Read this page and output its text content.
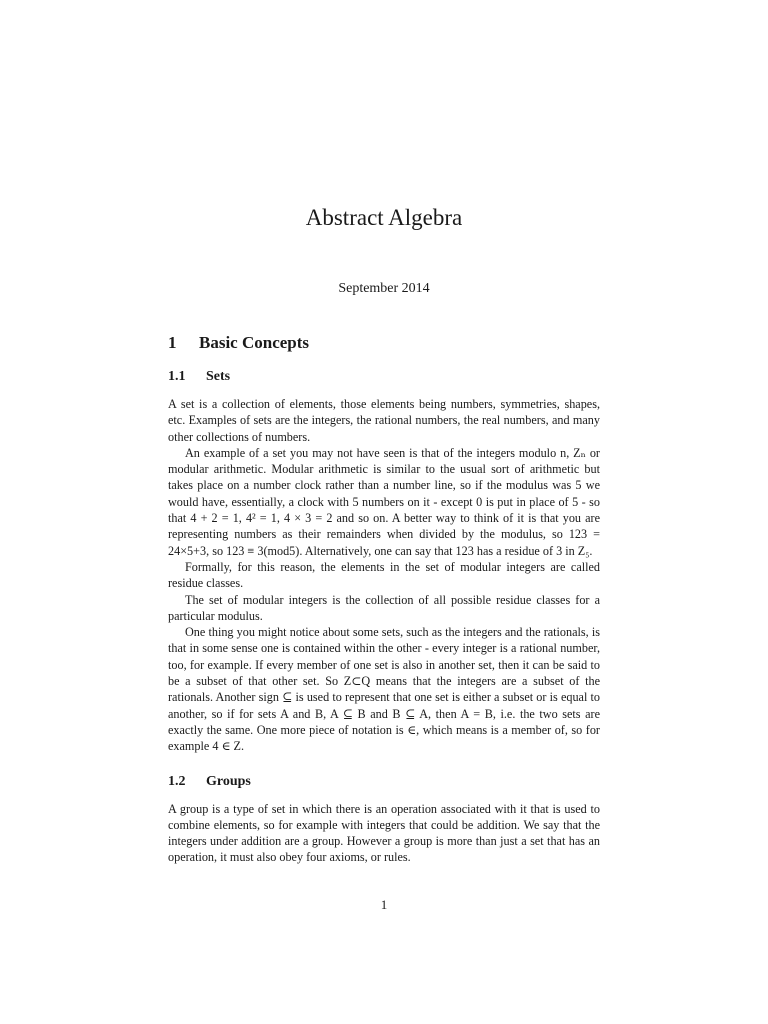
Abstract Algebra
September 2014
1 Basic Concepts
1.1 Sets

A set is a collection of elements, those elements being numbers, symmetries, shapes, etc. Examples of sets are the integers, the rational numbers, the real numbers, and many other collections of numbers.

An example of a set you may not have seen is that of the integers modulo n, Zₙ or modular arithmetic. Modular arithmetic is similar to the usual sort of arithmetic but takes place on a number clock rather than a number line, so if the modulus was 5 we would have, essentially, a clock with 5 numbers on it - except 0 is put in place of 5 - so that 4 + 2 = 1, 4² = 1, 4 × 3 = 2 and so on. A better way to think of it is that you are representing numbers as their remainders when divided by the modulus, so 123 = 24×5+3, so 123 ≡ 3(mod5). Alternatively, one can say that 123 has a residue of 3 in Z₅.

Formally, for this reason, the elements in the set of modular integers are called residue classes.

The set of modular integers is the collection of all possible residue classes for a particular modulus.

One thing you might notice about some sets, such as the integers and the rationals, is that in some sense one is contained within the other - every integer is a rational number, too, for example. If every member of one set is also in another set, then it can be said to be a subset of that other set. So Z⊂Q means that the integers are a subset of the rationals. Another sign ⊆ is used to represent that one set is either a subset or is equal to another, so if for sets A and B, A ⊆ B and B ⊆ A, then A = B, i.e. the two sets are exactly the same. One more piece of notation is ∈, which means is a member of, so for example 4 ∈ Z.

1.2 Groups

A group is a type of set in which there is an operation associated with it that is used to combine elements, so for example with integers that could be addition. We say that the integers under addition are a group. However a group is more than just a set that has an operation, it must also obey four axioms, or rules.

1
